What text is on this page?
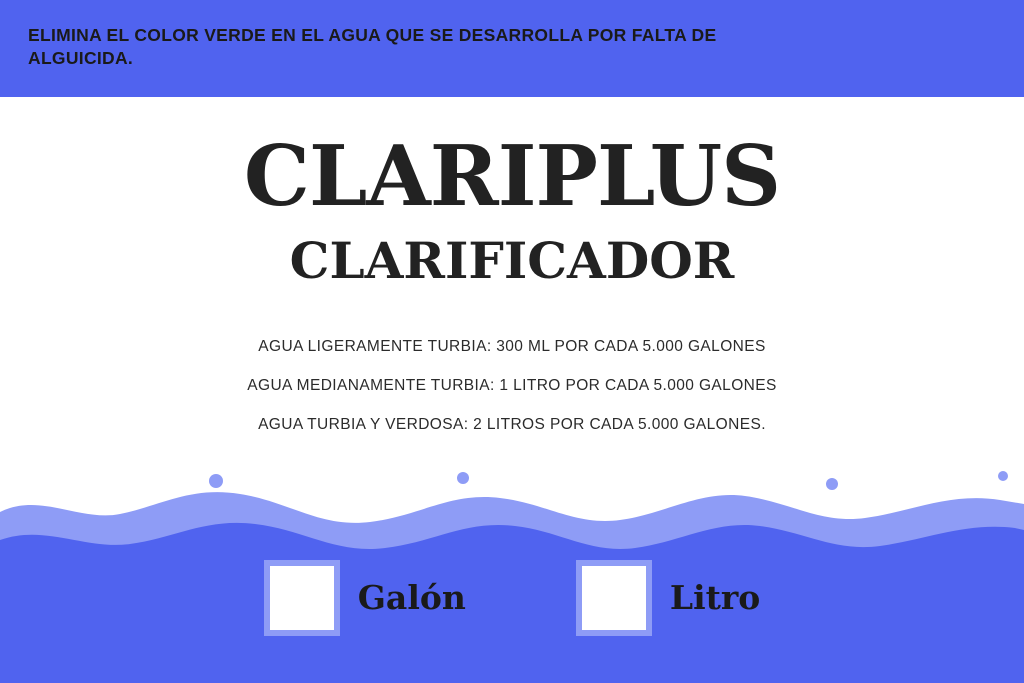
ELIMINA EL COLOR VERDE EN EL AGUA QUE SE DESARROLLA POR FALTA DE ALGUICIDA.
CLARIPLUS
CLARIFICADOR
AGUA LIGERAMENTE TURBIA: 300 ML POR CADA 5.000 GALONES
AGUA MEDIANAMENTE TURBIA: 1 LITRO POR CADA 5.000 GALONES
AGUA TURBIA Y VERDOSA: 2 LITROS POR CADA 5.000 GALONES.
Galón	Litro
